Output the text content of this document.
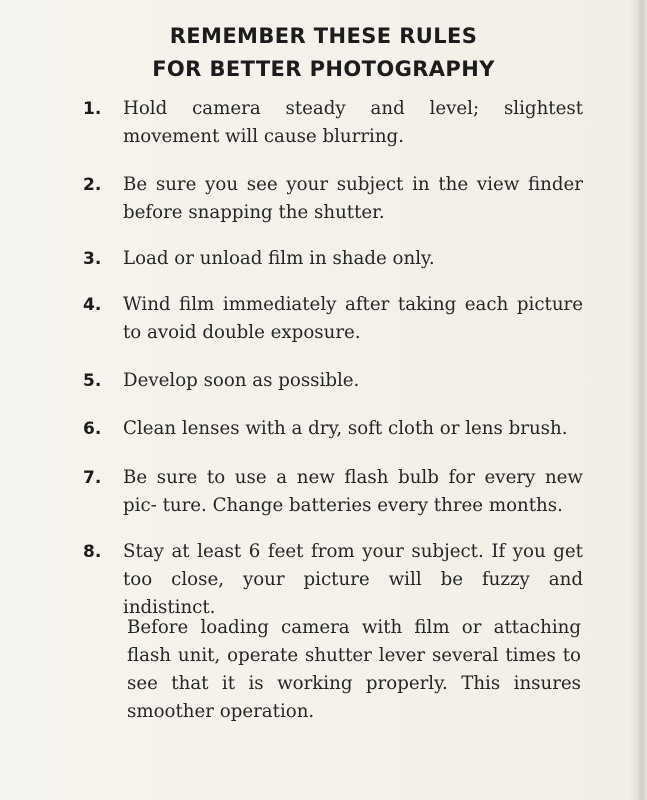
REMEMBER THESE RULES
FOR BETTER PHOTOGRAPHY
1. Hold camera steady and level; slightest movement will cause blurring.
2. Be sure you see your subject in the view finder before snapping the shutter.
3. Load or unload film in shade only.
4. Wind film immediately after taking each picture to avoid double exposure.
5. Develop soon as possible.
6. Clean lenses with a dry, soft cloth or lens brush.
7. Be sure to use a new flash bulb for every new pic- ture. Change batteries every three months.
8. Stay at least 6 feet from your subject. If you get too close, your picture will be fuzzy and indistinct.
Before loading camera with film or attaching flash unit, operate shutter lever several times to see that it is working properly. This insures smoother operation.
